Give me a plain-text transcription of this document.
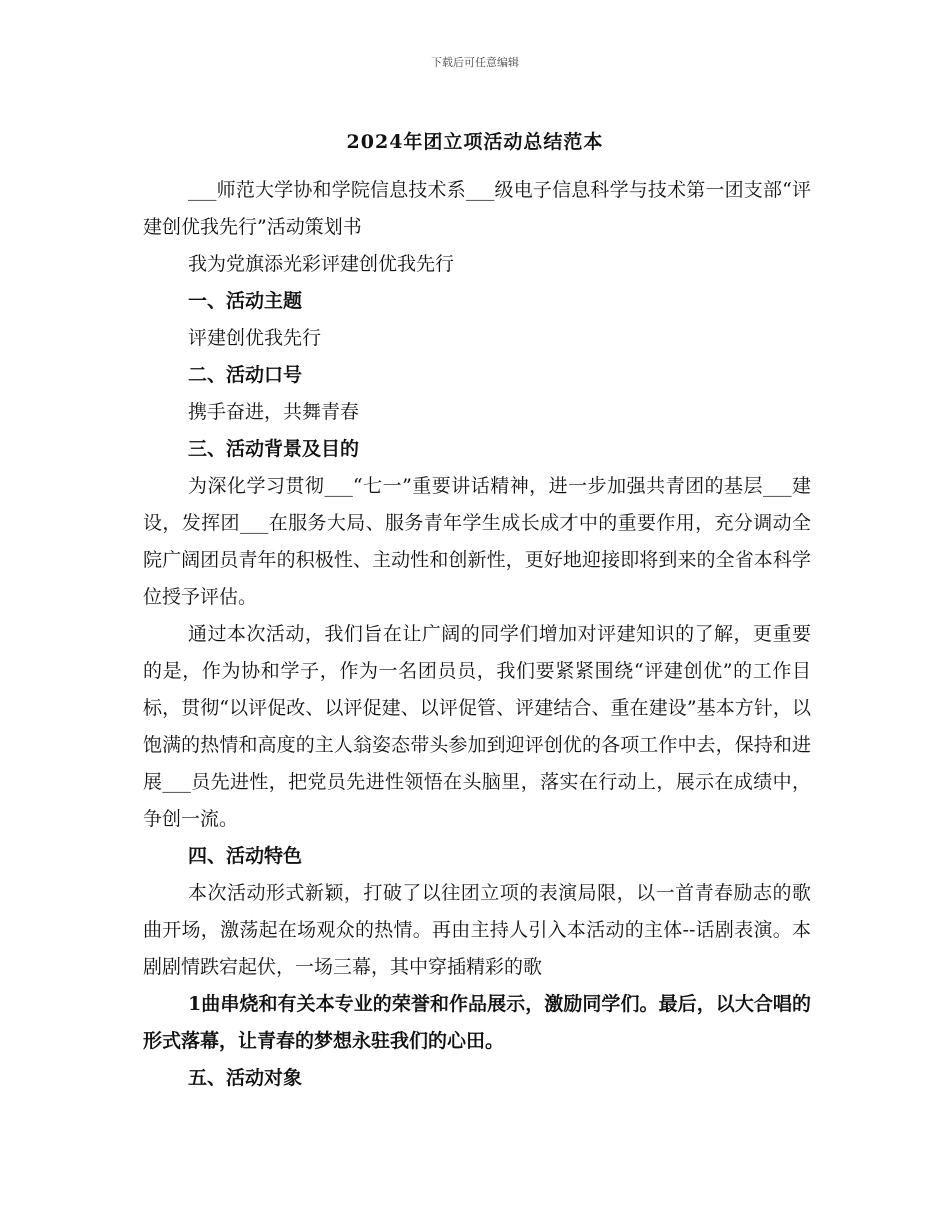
下载后可任意编辑
2024年团立项活动总结范本

___师范大学协和学院信息技术系___级电子信息科学与技术第一团支部“评建创优我先行”活动策划书

我为党旗添光彩评建创优我先行

一、活动主题

评建创优我先行

二、活动口号

携手奋进，共舞青春

三、活动背景及目的

为深化学习贯彻___“七一”重要讲话精神，进一步加强共青团的基层___建设，发挥团___在服务大局、服务青年学生成长成才中的重要作用，充分调动全院广阔团员青年的积极性、主动性和创新性，更好地迎接即将到来的全省本科学位授予评估。

通过本次活动，我们旨在让广阔的同学们增加对评建知识的了解，更重要的是，作为协和学子，作为一名团员员，我们要紧紧围绕“评建创优”的工作目标，贯彻“以评促改、以评促建、以评促管、评建结合、重在建设”基本方针，以饱满的热情和高度的主人翁姿态带头参加到迎评创优的各项工作中去，保持和进展___员先进性，把党员先进性领悟在头脑里，落实在行动上，展示在成绩中，争创一流。

四、活动特色

本次活动形式新颖，打破了以往团立项的表演局限，以一首青春励志的歌曲开场，激荡起在场观众的热情。再由主持人引入本活动的主体--话剧表演。本剧剧情跌宕起伏，一场三幕，其中穿插精彩的歌

1曲串烧和有关本专业的荣誉和作品展示，激励同学们。最后，以大合唱的形式落幕，让青春的梦想永驻我们的心田。

五、活动对象
